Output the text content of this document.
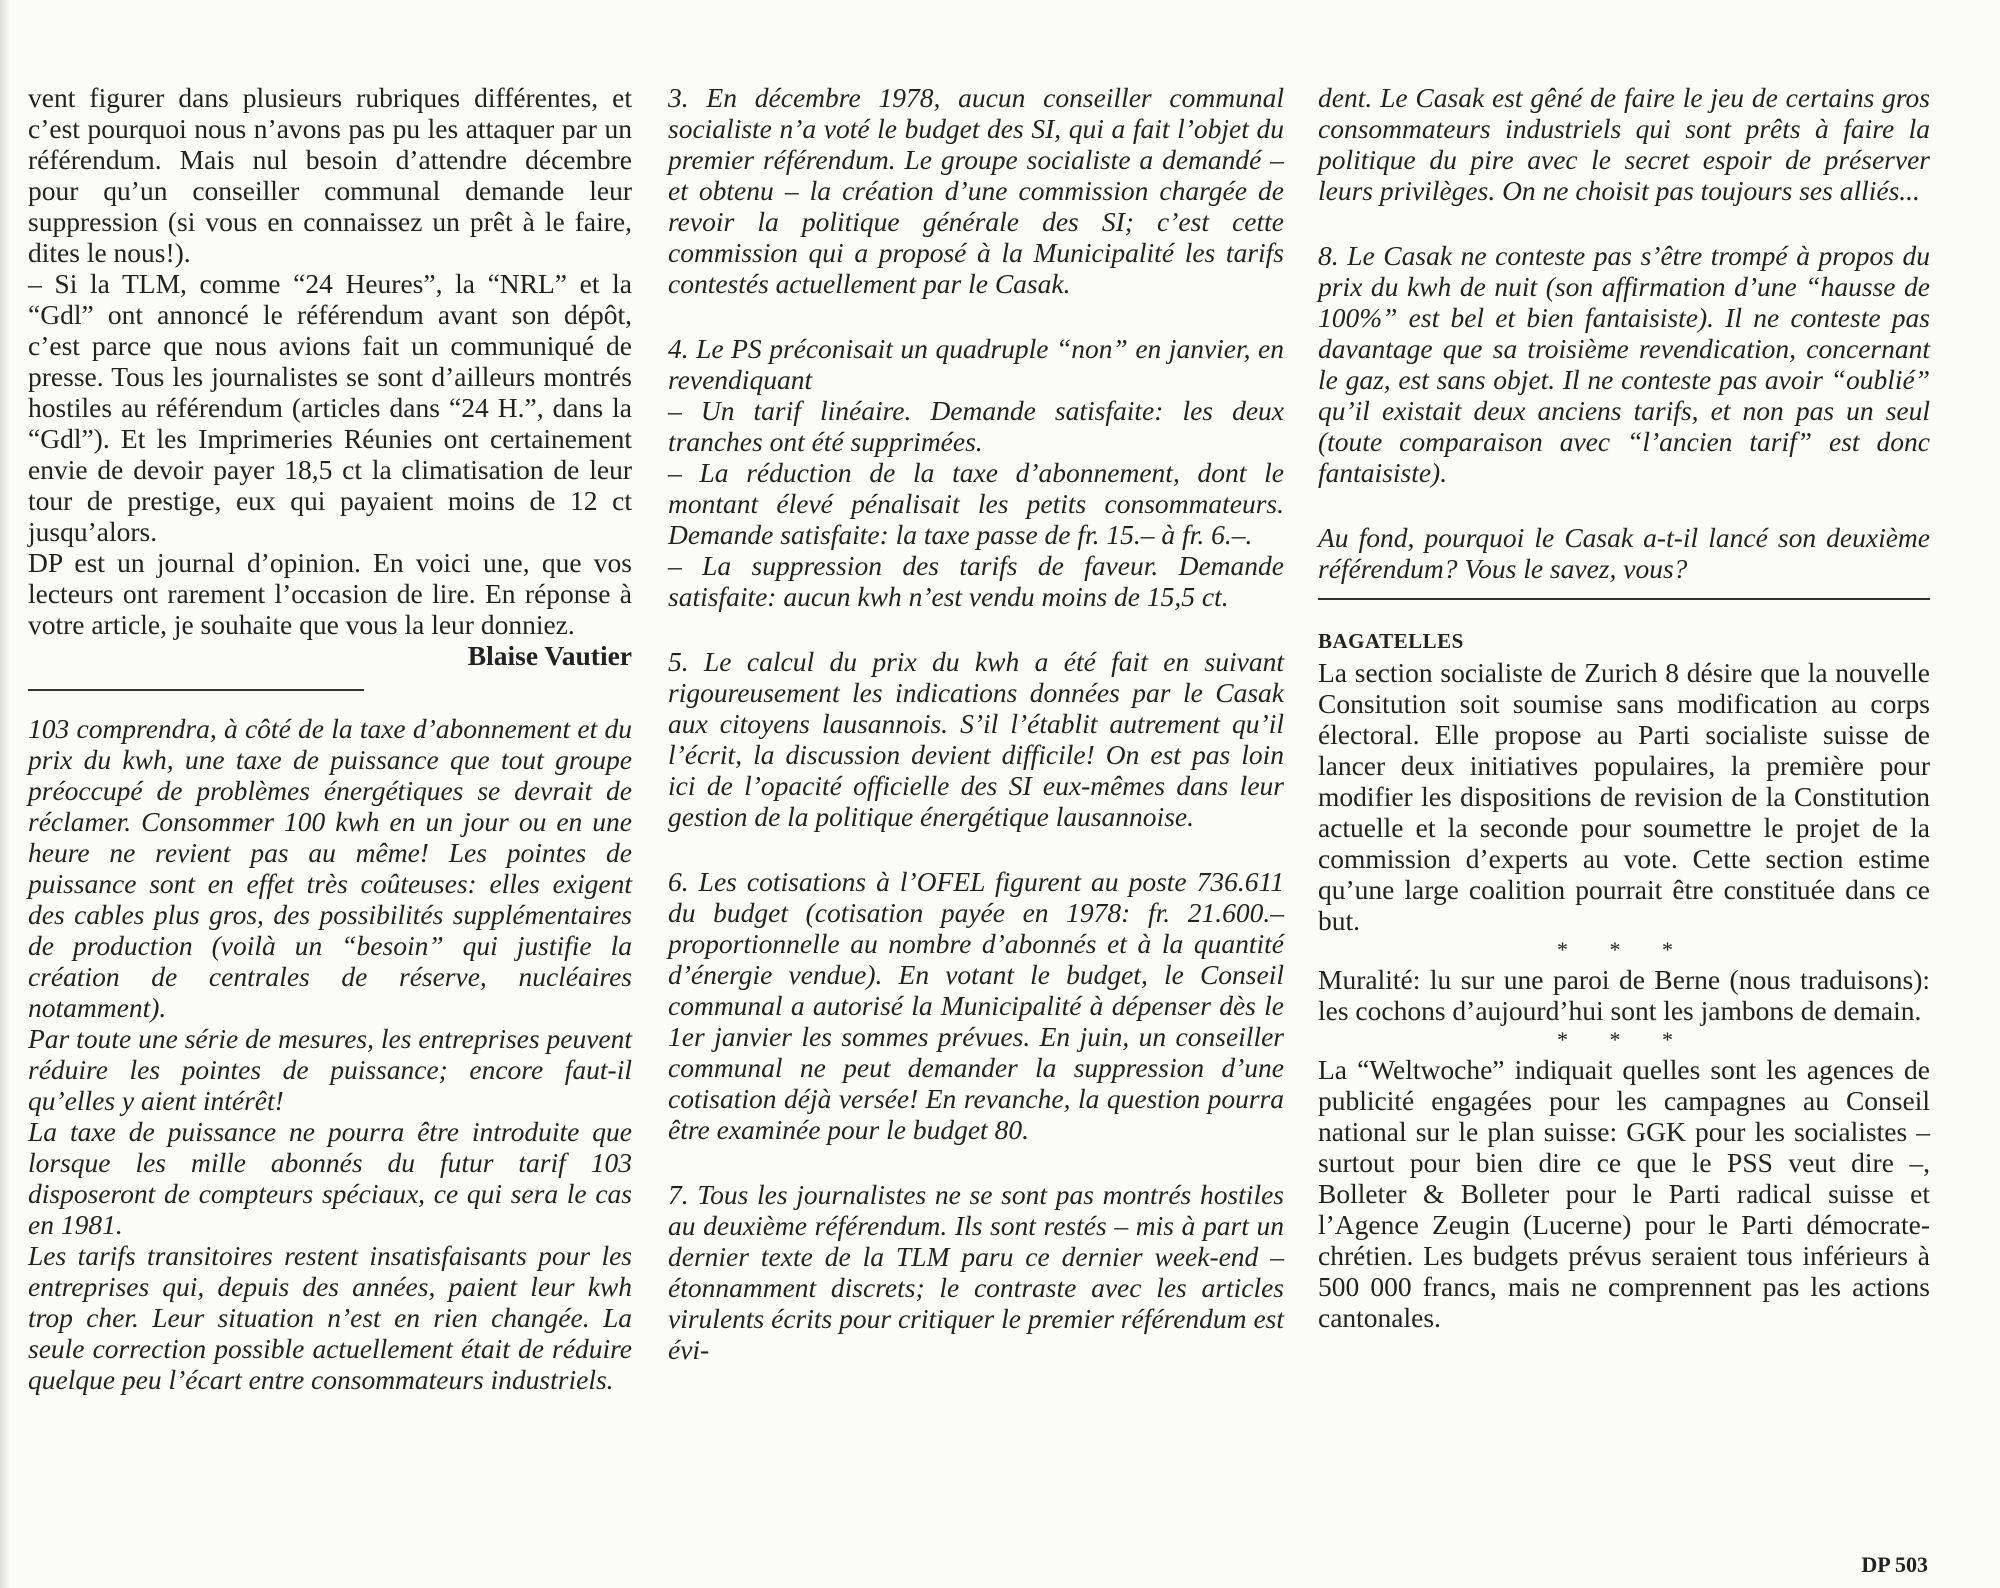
vent figurer dans plusieurs rubriques différentes, et c’est pourquoi nous n’avons pas pu les attaquer par un référendum. Mais nul besoin d’attendre décembre pour qu’un conseiller communal demande leur suppression (si vous en connaissez un prêt à le faire, dites le nous!).

– Si la TLM, comme “24 Heures”, la “NRL” et la “Gdl” ont annoncé le référendum avant son dépôt, c’est parce que nous avions fait un communiqué de presse. Tous les journalistes se sont d’ailleurs montrés hostiles au référendum (articles dans “24 H.”, dans la “Gdl”). Et les Imprimeries Réunies ont certainement envie de devoir payer 18,5 ct la climatisation de leur tour de prestige, eux qui payaient moins de 12 ct jusqu’alors.

DP est un journal d’opinion. En voici une, que vos lecteurs ont rarement l’occasion de lire. En réponse à votre article, je souhaite que vous la leur donniez.

Blaise Vautier

103 comprendra, à côté de la taxe d’abonnement et du prix du kwh, une taxe de puissance que tout groupe préoccupé de problèmes énergétiques se devrait de réclamer. Consommer 100 kwh en un jour ou en une heure ne revient pas au même! Les pointes de puissance sont en effet très coûteuses: elles exigent des cables plus gros, des possibilités supplémentaires de production (voilà un “besoin” qui justifie la création de centrales de réserve, nucléaires notamment).

Par toute une série de mesures, les entreprises peuvent réduire les pointes de puissance; encore faut-il qu’elles y aient intérêt!

La taxe de puissance ne pourra être introduite que lorsque les mille abonnés du futur tarif 103 disposeront de compteurs spéciaux, ce qui sera le cas en 1981.

Les tarifs transitoires restent insatisfaisants pour les entreprises qui, depuis des années, paient leur kwh trop cher. Leur situation n’est en rien changée. La seule correction possible actuellement était de réduire quelque peu l’écart entre consommateurs industriels.

3. En décembre 1978, aucun conseiller communal socialiste n’a voté le budget des SI, qui a fait l’objet du premier référendum. Le groupe socialiste a demandé – et obtenu – la création d’une commission chargée de revoir la politique générale des SI; c’est cette commission qui a proposé à la Municipalité les tarifs contestés actuellement par le Casak.

4. Le PS préconisait un quadruple “non” en janvier, en revendiquant

– Un tarif linéaire. Demande satisfaite: les deux tranches ont été supprimées.

– La réduction de la taxe d’abonnement, dont le montant élevé pénalisait les petits consommateurs. Demande satisfaite: la taxe passe de fr. 15.– à fr. 6.–.

– La suppression des tarifs de faveur. Demande satisfaite: aucun kwh n’est vendu moins de 15,5 ct.

5. Le calcul du prix du kwh a été fait en suivant rigoureusement les indications données par le Casak aux citoyens lausannois. S’il l’établit autrement qu’il l’écrit, la discussion devient difficile! On est pas loin ici de l’opacité officielle des SI eux-mêmes dans leur gestion de la politique énergétique lausannoise.

6. Les cotisations à l’OFEL figurent au poste 736.611 du budget (cotisation payée en 1978: fr. 21.600.– proportionnelle au nombre d’abonnés et à la quantité d’énergie vendue). En votant le budget, le Conseil communal a autorisé la Municipalité à dépenser dès le 1er janvier les sommes prévues. En juin, un conseiller communal ne peut demander la suppression d’une cotisation déjà versée! En revanche, la question pourra être examinée pour le budget 80.

7. Tous les journalistes ne se sont pas montrés hostiles au deuxième référendum. Ils sont restés – mis à part un dernier texte de la TLM paru ce dernier week-end – étonnamment discrets; le contraste avec les articles virulents écrits pour critiquer le premier référendum est évi-

dent. Le Casak est gêné de faire le jeu de certains gros consommateurs industriels qui sont prêts à faire la politique du pire avec le secret espoir de préserver leurs privilèges. On ne choisit pas toujours ses alliés...

8. Le Casak ne conteste pas s’être trompé à propos du prix du kwh de nuit (son affirmation d’une “hausse de 100%” est bel et bien fantaisiste). Il ne conteste pas davantage que sa troisième revendication, concernant le gaz, est sans objet. Il ne conteste pas avoir “oublié” qu’il existait deux anciens tarifs, et non pas un seul (toute comparaison avec “l’ancien tarif” est donc fantaisiste).

Au fond, pourquoi le Casak a-t-il lancé son deuxième référendum? Vous le savez, vous?

BAGATELLES

La section socialiste de Zurich 8 désire que la nouvelle Consitution soit soumise sans modification au corps électoral. Elle propose au Parti socialiste suisse de lancer deux initiatives populaires, la première pour modifier les dispositions de revision de la Constitution actuelle et la seconde pour soumettre le projet de la commission d’experts au vote. Cette section estime qu’une large coalition pourrait être constituée dans ce but.

* * *

Muralité: lu sur une paroi de Berne (nous traduisons): les cochons d’aujourd’hui sont les jambons de demain.

* * *

La “Weltwoche” indiquait quelles sont les agences de publicité engagées pour les campagnes au Conseil national sur le plan suisse: GGK pour les socialistes – surtout pour bien dire ce que le PSS veut dire –, Bolleter & Bolleter pour le Parti radical suisse et l’Agence Zeugin (Lucerne) pour le Parti démocrate-chrétien. Les budgets prévus seraient tous inférieurs à 500 000 francs, mais ne comprennent pas les actions cantonales.

DP 503
